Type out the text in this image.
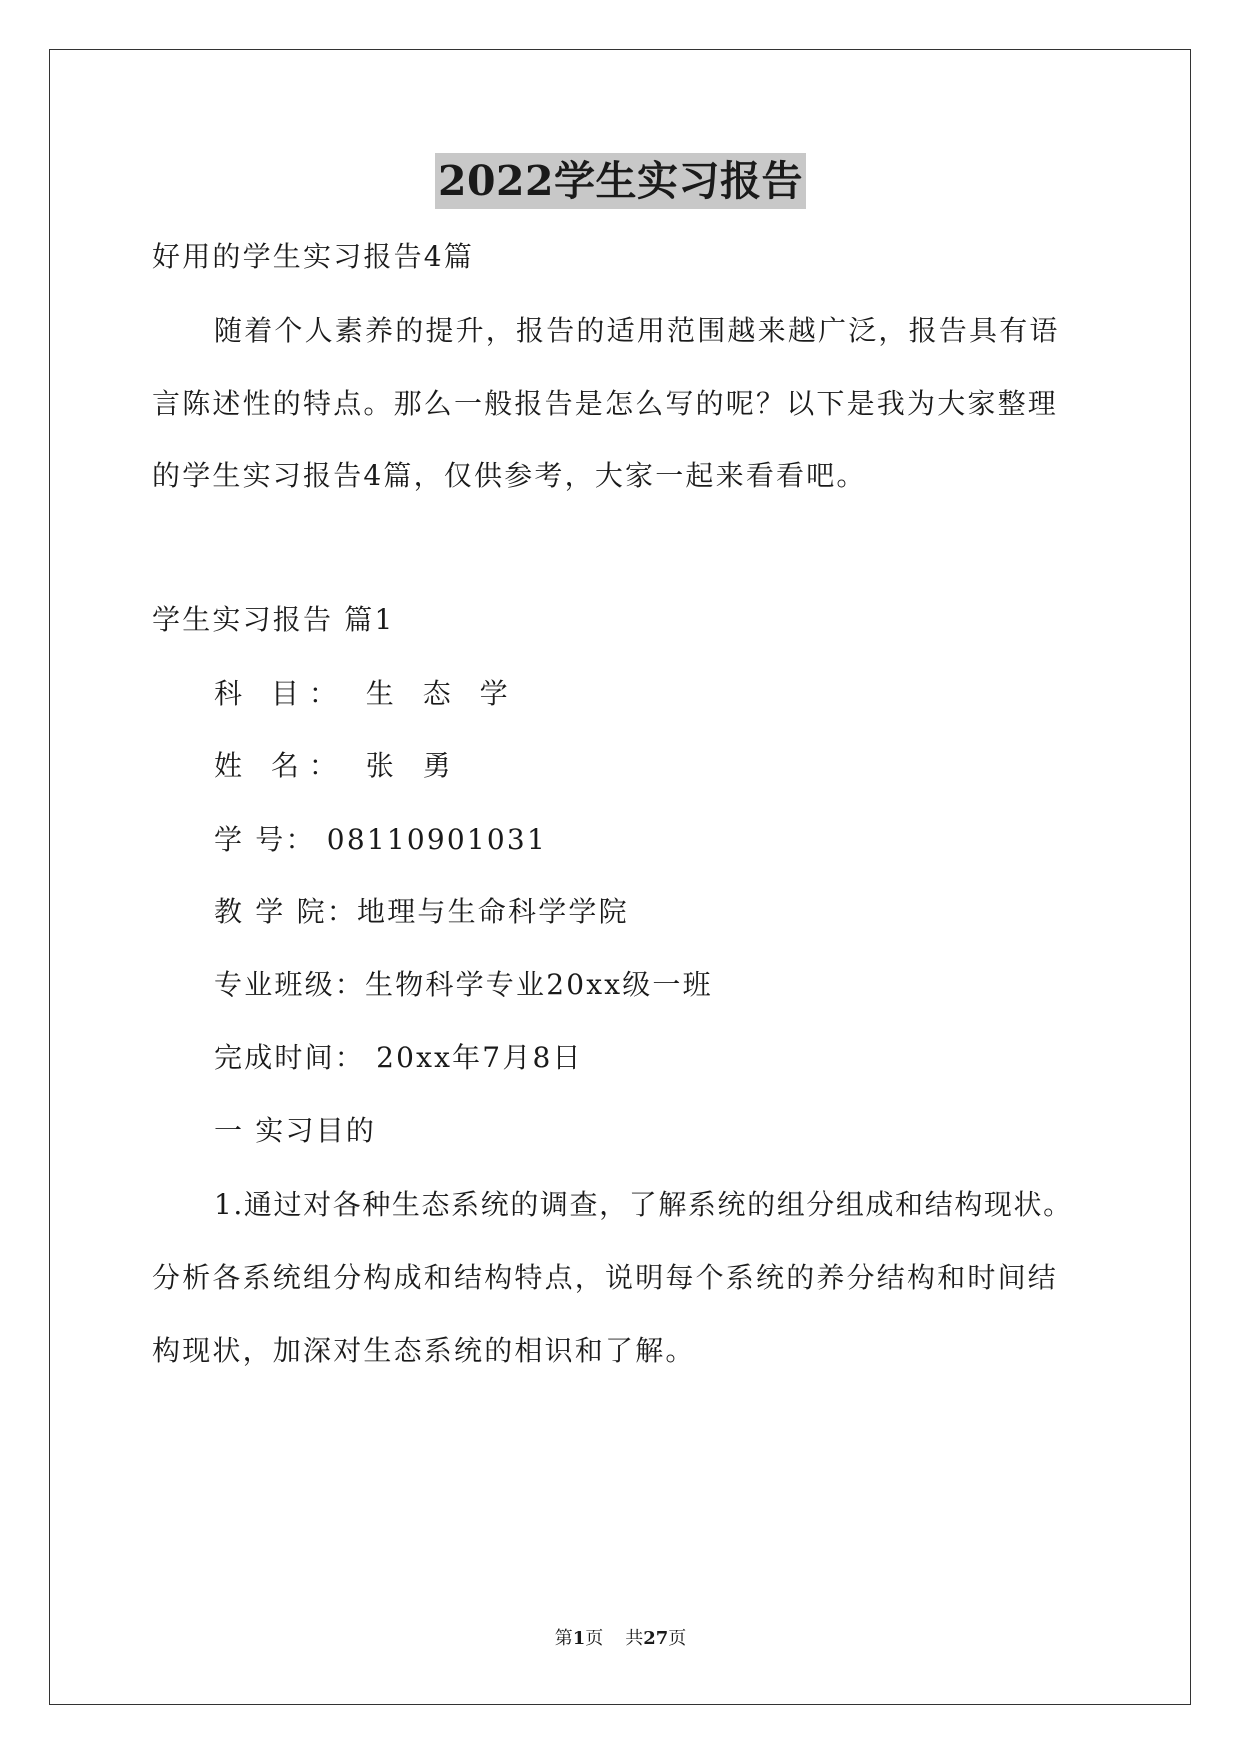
2022学生实习报告
好用的学生实习报告4篇
随着个人素养的提升，报告的适用范围越来越广泛，报告具有语
言陈述性的特点。那么一般报告是怎么写的呢？以下是我为大家整理
的学生实习报告4篇，仅供参考，大家一起来看看吧。
学生实习报告 篇1
科 目： 生 态 学
姓 名： 张 勇
学 号： 08110901031
教 学 院：地理与生命科学学院
专业班级：生物科学专业20xx级一班
完成时间： 20xx年7月8日
一 实习目的
1.通过对各种生态系统的调查，了解系统的组分组成和结构现状。
分析各系统组分构成和结构特点，说明每个系统的养分结构和时间结
构现状，加深对生态系统的相识和了解。
第1页 共27页
